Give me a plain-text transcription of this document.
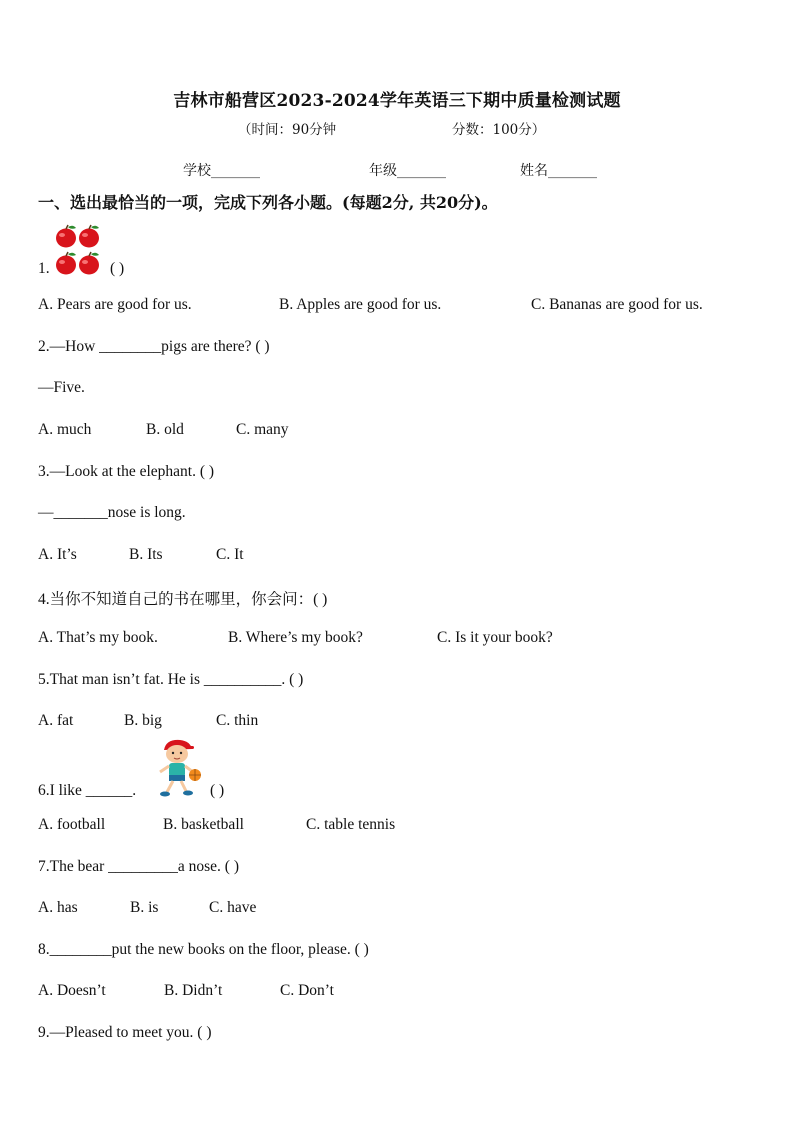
吉林市船营区2023-2024学年英语三下期中质量检测试题
（时间：90分钟	分数：100分）
学校_______	年级_______	姓名_______
一、选出最恰当的一项，完成下列各小题。(每题2分, 共20分)。
1.	( )
A. Pears are good for us.	B. Apples are good for us.	C. Bananas are good for us.
2.—How ________pigs are there? ( )
—Five.
A. much	B. old	C. many
3.—Look at the elephant. ( )
—_______nose is long.
A. It’s	B. Its	C. It
4.当你不知道自己的书在哪里，你会问：( )
A. That’s my book.	B. Where’s my book?	C. Is it your book?
5.That man isn’t fat. He is __________. ( )
A. fat	B. big	C. thin
6.I like ______.	( )
A. football	B. basketball	C. table tennis
7.The bear _________a nose. ( )
A. has	B. is	C. have
8.________put the new books on the floor, please. ( )
A. Doesn’t	B. Didn’t	C. Don’t
9.—Pleased to meet you. ( )
